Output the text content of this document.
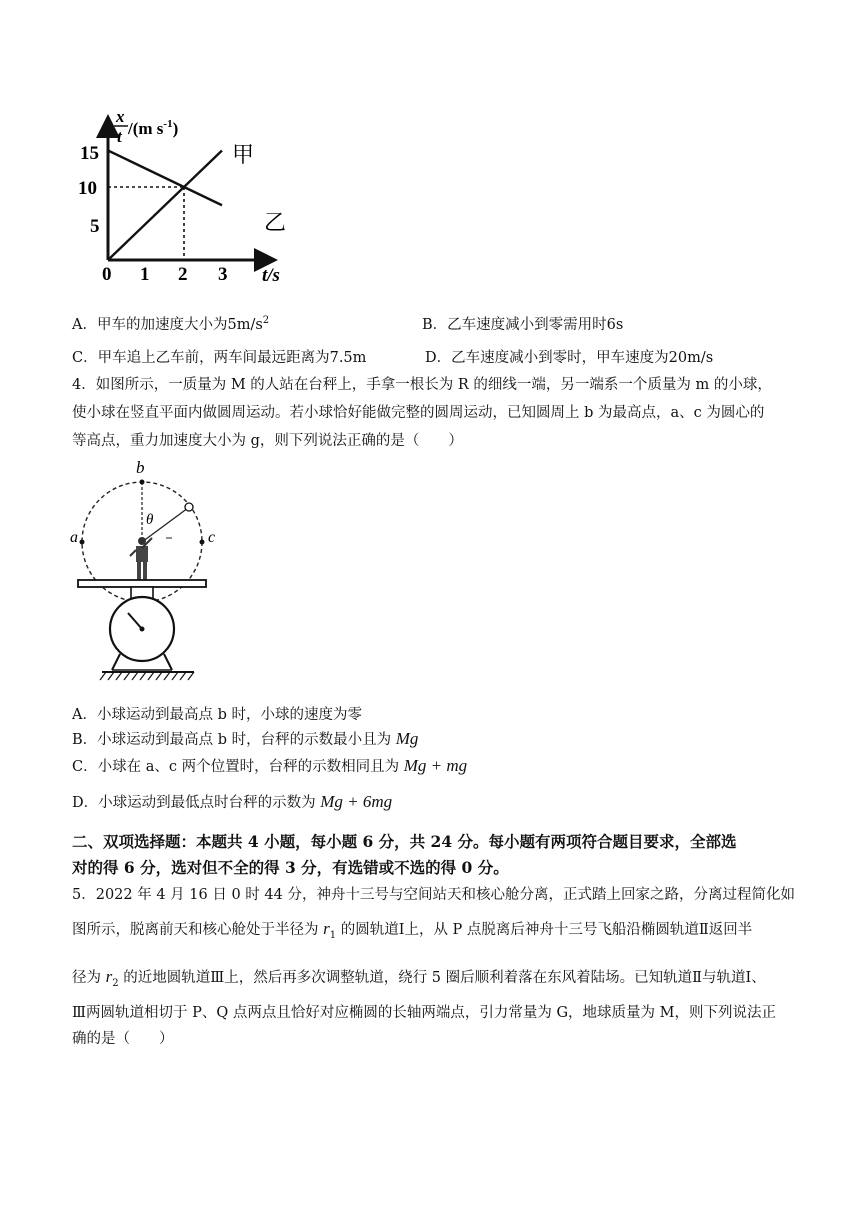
x
t /(m $s^{-1}$)
15
10
5
0 1 2 3 t/s
甲
乙
A．甲车的加速度大小为$5m/s^2$	B．乙车速度减小到零需用时6s
C．甲车追上乙车前，两车间最远距离为7.5m	D．乙车速度减小到零时，甲车速度为20m/s
4．如图所示，一质量为 M 的人站在台秤上，手拿一根长为 R 的细线一端，另一端系一个质量为 m 的小球，
使小球在竖直平面内做圆周运动。若小球恰好能做完整的圆周运动，已知圆周上 b 为最高点，a、c 为圆心的
等高点，重力加速度大小为 g，则下列说法正确的是（　　）
b
a	c
θ
A．小球运动到最高点 b 时，小球的速度为零
B．小球运动到最高点 b 时，台秤的示数最小且为 Mg
C．小球在 a、c 两个位置时，台秤的示数相同且为 Mg + mg
D．小球运动到最低点时台秤的示数为 Mg + 6mg
二、双项选择题：本题共 4 小题，每小题 6 分，共 24 分。每小题有两项符合题目要求，全部选
对的得 6 分，选对但不全的得 3 分，有选错或不选的得 0 分。
5．2022 年 4 月 16 日 0 时 44 分，神舟十三号与空间站天和核心舱分离，正式踏上回家之路，分离过程简化如
图所示，脱离前天和核心舱处于半径为 $r_1$ 的圆轨道Ⅰ上，从 P 点脱离后神舟十三号飞船沿椭圆轨道Ⅱ返回半
径为 $r_2$ 的近地圆轨道Ⅲ上，然后再多次调整轨道，绕行 5 圈后顺利着落在东风着陆场。已知轨道Ⅱ与轨道Ⅰ、
Ⅲ两圆轨道相切于 P、Q 点两点且恰好对应椭圆的长轴两端点，引力常量为 G，地球质量为 M，则下列说法正
确的是（　　）
